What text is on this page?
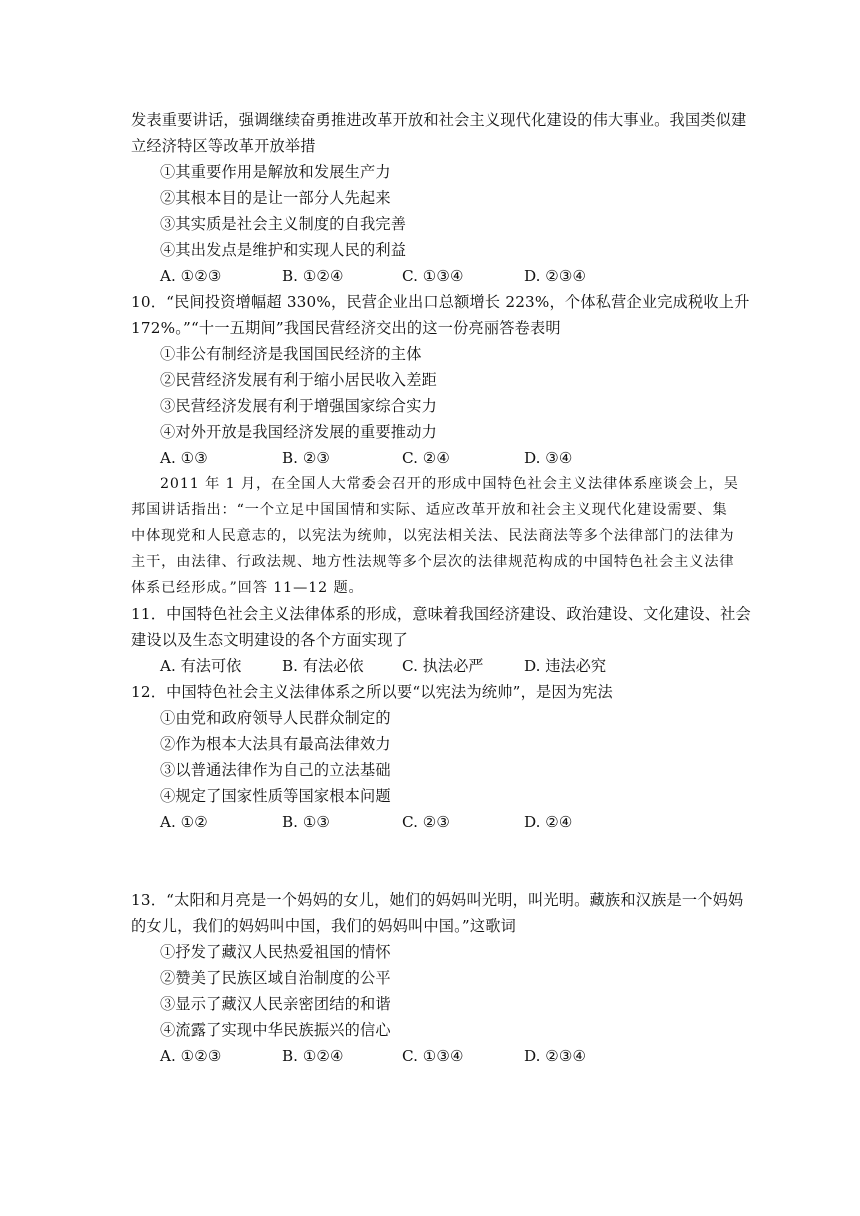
发表重要讲话，强调继续奋勇推进改革开放和社会主义现代化建设的伟大事业。我国类似建
立经济特区等改革开放举措
①其重要作用是解放和发展生产力
②其根本目的是让一部分人先起来
③其实质是社会主义制度的自我完善
④其出发点是维护和实现人民的利益
A. ①②③	B. ①②④	C. ①③④	D. ②③④
10．“民间投资增幅超 330%，民营企业出口总额增长 223%，个体私营企业完成税收上升
172%。”“十一五期间”我国民营经济交出的这一份亮丽答卷表明
①非公有制经济是我国国民经济的主体
②民营经济发展有利于缩小居民收入差距
③民营经济发展有利于增强国家综合实力
④对外开放是我国经济发展的重要推动力
A. ①③	B. ②③	C. ②④	D. ③④
2011 年 1 月，在全国人大常委会召开的形成中国特色社会主义法律体系座谈会上，吴
邦国讲话指出：“一个立足中国国情和实际、适应改革开放和社会主义现代化建设需要、集
中体现党和人民意志的，以宪法为统帅，以宪法相关法、民法商法等多个法律部门的法律为
主干，由法律、行政法规、地方性法规等多个层次的法律规范构成的中国特色社会主义法律
体系已经形成。”回答 11—12 题。
11．中国特色社会主义法律体系的形成，意味着我国经济建设、政治建设、文化建设、社会
建设以及生态文明建设的各个方面实现了
A. 有法可依	B. 有法必依	C. 执法必严	D. 违法必究
12．中国特色社会主义法律体系之所以要“以宪法为统帅”，是因为宪法
①由党和政府领导人民群众制定的
②作为根本大法具有最高法律效力
③以普通法律作为自己的立法基础
④规定了国家性质等国家根本问题
A. ①②	B. ①③	C. ②③	D. ②④
13．“太阳和月亮是一个妈妈的女儿，她们的妈妈叫光明，叫光明。藏族和汉族是一个妈妈
的女儿，我们的妈妈叫中国，我们的妈妈叫中国。”这歌词
①抒发了藏汉人民热爱祖国的情怀
②赞美了民族区域自治制度的公平
③显示了藏汉人民亲密团结的和谐
④流露了实现中华民族振兴的信心
A. ①②③	B. ①②④	C. ①③④	D. ②③④
